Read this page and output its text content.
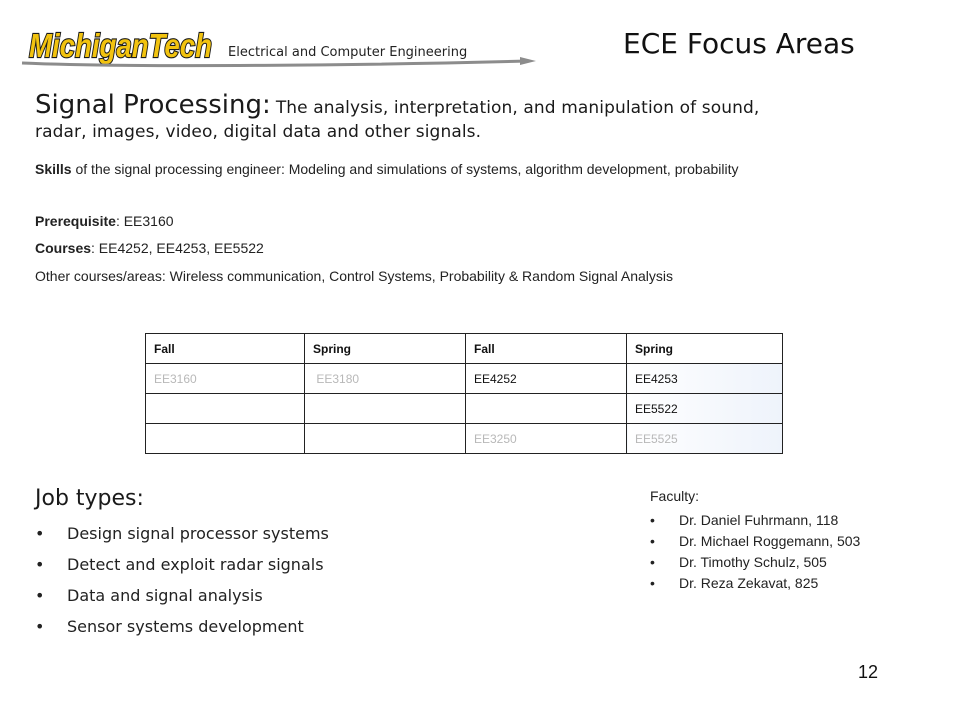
MichiganTech Electrical and Computer Engineering	ECE Focus Areas
Signal Processing: The analysis, interpretation, and manipulation of sound,
radar, images, video, digital data and other signals.
Skills of the signal processing engineer: Modeling and simulations of systems, algorithm development, probability
Prerequisite: EE3160
Courses: EE4252, EE4253, EE5522
Other courses/areas: Wireless communication, Control Systems, Probability & Random Signal Analysis
Fall	Spring	Fall	Spring
EE3160	EE3180	EE4252	EE4253
			EE5522
		EE3250	EE5525
Job types:
• Design signal processor systems
• Detect and exploit radar signals
• Data and signal analysis
• Sensor systems development
Faculty:
• Dr. Daniel Fuhrmann, 118
• Dr. Michael Roggemann, 503
• Dr. Timothy Schulz, 505
• Dr. Reza Zekavat, 825
12
